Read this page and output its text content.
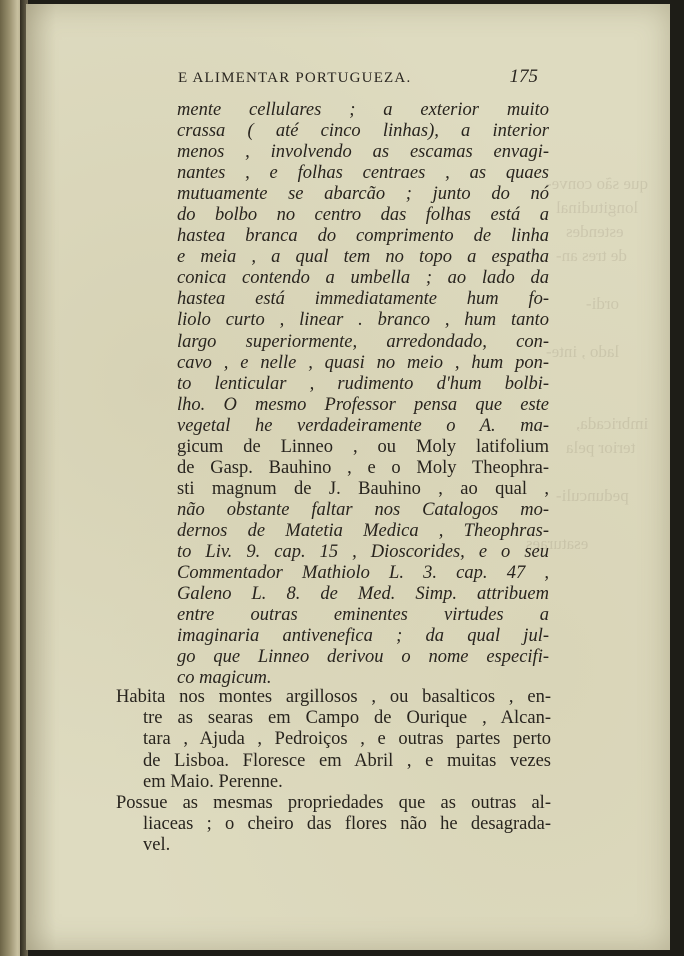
que são conve-
longitudinal
estendes
de tres an-
ordi-
lado , inte-
imbricada,
terior pela
pedunculi-
esaturaes
E ALIMENTAR PORTUGUEZA.	175
mente cellulares ; a exterior muito
crassa ( até cinco linhas), a interior
menos , involvendo as escamas envagi-
nantes , e folhas centraes , as quaes
mutuamente se abarcão ; junto do nó
do bolbo no centro das folhas está a
hastea branca do comprimento de linha
e meia , a qual tem no topo a espatha
conica contendo a umbella ; ao lado da
hastea está immediatamente hum fo-
liolo curto , linear . branco , hum tanto
largo superiormente, arredondado, con-
cavo , e nelle , quasi no meio , hum pon-
to lenticular , rudimento d'hum bolbi-
lho. O mesmo Professor pensa que este
vegetal he verdadeiramente o A. ma-
gicum de Linneo , ou Moly latifolium
de Gasp. Bauhino , e o Moly Theophra-
sti magnum de J. Bauhino , ao qual ,
não obstante faltar nos Catalogos mo-
dernos de Matetia Medica , Theophras-
to Liv. 9. cap. 15 , Dioscorides, e o seu
Commentador Mathiolo L. 3. cap. 47 ,
Galeno L. 8. de Med. Simp. attribuem
entre outras eminentes virtudes a
imaginaria antivenefica ; da qual jul-
go que Linneo derivou o nome especifi-
co magicum.
Habita nos montes argillosos , ou basalticos , en-
tre as searas em Campo de Ourique , Alcan-
tara , Ajuda , Pedroiços , e outras partes perto
de Lisboa. Floresce em Abril , e muitas vezes
em Maio. Perenne.
Possue as mesmas propriedades que as outras al-
liaceas ; o cheiro das flores não he desagrada-
vel.
